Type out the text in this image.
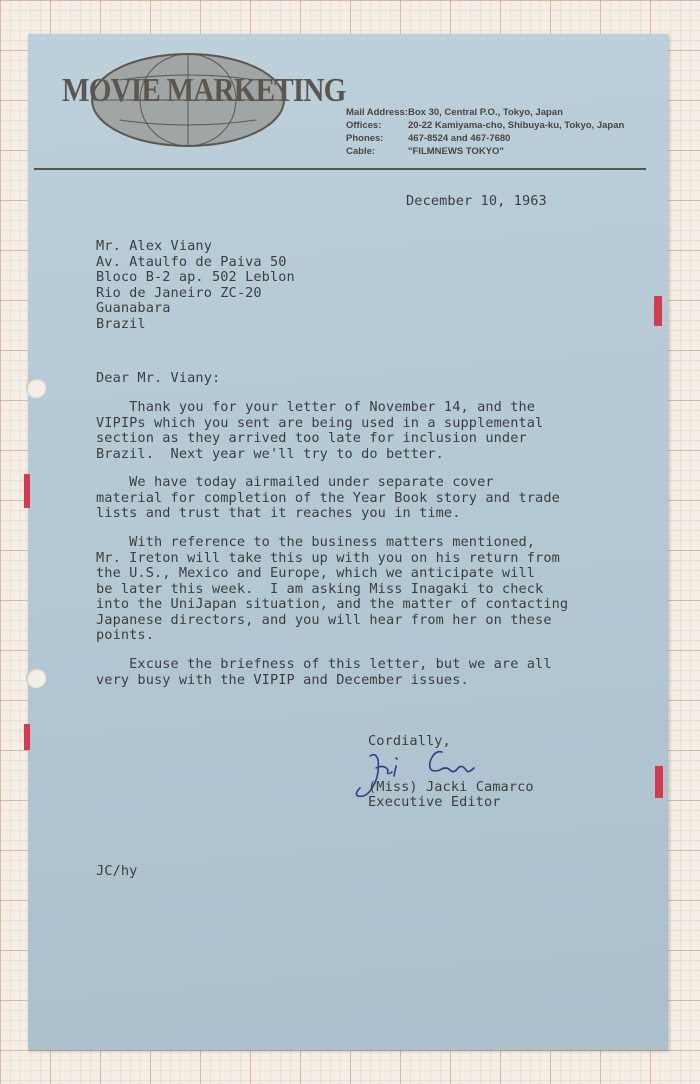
MOVIE MARKETING
Mail Address:Box 30, Central P.O., Tokyo, Japan
Offices:	20-22 Kamiyama-cho, Shibuya-ku, Tokyo, Japan
Phones:	467-8524 and 467-7680
Cable:	"FILMNEWS TOKYO"
December 10, 1963
Mr. Alex Viany
Av. Ataulfo de Paiva 50
Bloco B-2 ap. 502 Leblon
Rio de Janeiro ZC-20
Guanabara
Brazil
Dear Mr. Viany:
Thank you for your letter of November 14, and the
VIPIPs which you sent are being used in a supplemental
section as they arrived too late for inclusion under
Brazil.  Next year we'll try to do better.
We have today airmailed under separate cover
material for completion of the Year Book story and trade
lists and trust that it reaches you in time.
With reference to the business matters mentioned,
Mr. Ireton will take this up with you on his return from
the U.S., Mexico and Europe, which we anticipate will
be later this week.  I am asking Miss Inagaki to check
into the UniJapan situation, and the matter of contacting
Japanese directors, and you will hear from her on these
points.
Excuse the briefness of this letter, but we are all
very busy with the VIPIP and December issues.
Cordially,
(Miss) Jacki Camarco
Executive Editor
JC/hy
